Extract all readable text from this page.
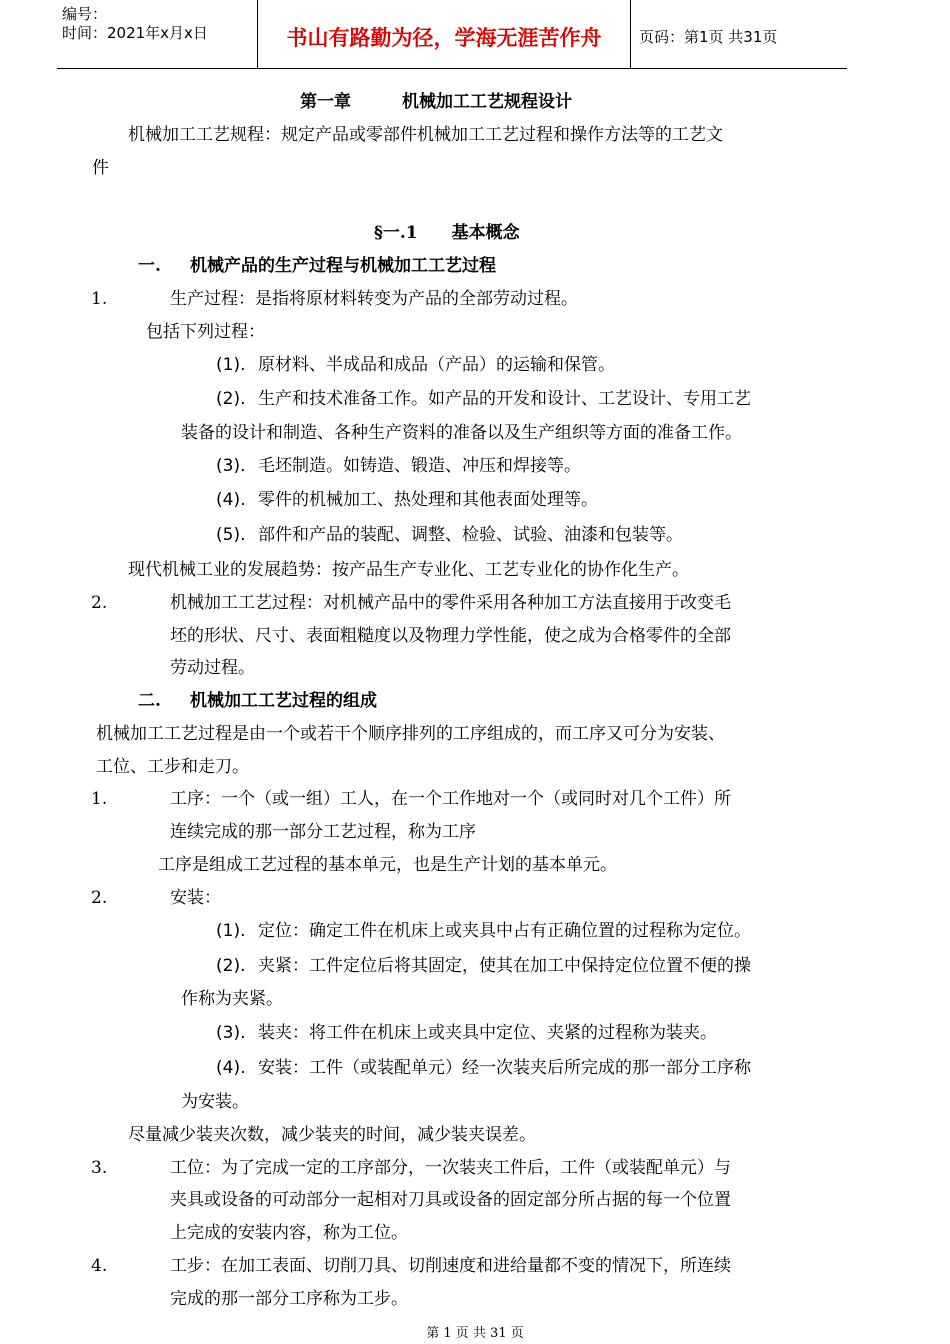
编号：
时间：2021年x月x日	书山有路勤为径，学海无涯苦作舟	页码：第1页 共31页
第一章　　　机械加工工艺规程设计
机械加工工艺规程：规定产品或零部件机械加工工艺过程和操作方法等的工艺文
件
§一.1　　基本概念
一. 机械产品的生产过程与机械加工工艺过程
1.	生产过程：是指将原材料转变为产品的全部劳动过程。
包括下列过程：
(1). 原材料、半成品和成品（产品）的运输和保管。
(2). 生产和技术准备工作。如产品的开发和设计、工艺设计、专用工艺
装备的设计和制造、各种生产资料的准备以及生产组织等方面的准备工作。
(3). 毛坯制造。如铸造、锻造、冲压和焊接等。
(4). 零件的机械加工、热处理和其他表面处理等。
(5). 部件和产品的装配、调整、检验、试验、油漆和包装等。
现代机械工业的发展趋势：按产品生产专业化、工艺专业化的协作化生产。
2.	机械加工工艺过程：对机械产品中的零件采用各种加工方法直接用于改变毛
坯的形状、尺寸、表面粗糙度以及物理力学性能，使之成为合格零件的全部
劳动过程。
二. 机械加工工艺过程的组成
机械加工工艺过程是由一个或若干个顺序排列的工序组成的，而工序又可分为安装、
工位、工步和走刀。
1.	工序：一个（或一组）工人，在一个工作地对一个（或同时对几个工件）所
连续完成的那一部分工艺过程，称为工序
工序是组成工艺过程的基本单元，也是生产计划的基本单元。
2.	安装：
(1). 定位：确定工件在机床上或夹具中占有正确位置的过程称为定位。
(2). 夹紧：工件定位后将其固定，使其在加工中保持定位位置不便的操
作称为夹紧。
(3). 装夹：将工件在机床上或夹具中定位、夹紧的过程称为装夹。
(4). 安装：工件（或装配单元）经一次装夹后所完成的那一部分工序称
为安装。
尽量减少装夹次数，减少装夹的时间，减少装夹误差。
3.	工位：为了完成一定的工序部分，一次装夹工件后，工件（或装配单元）与
夹具或设备的可动部分一起相对刀具或设备的固定部分所占据的每一个位置
上完成的安装内容，称为工位。
4.	工步：在加工表面、切削刀具、切削速度和进给量都不变的情况下，所连续
完成的那一部分工序称为工步。
第 1 页 共 31 页
